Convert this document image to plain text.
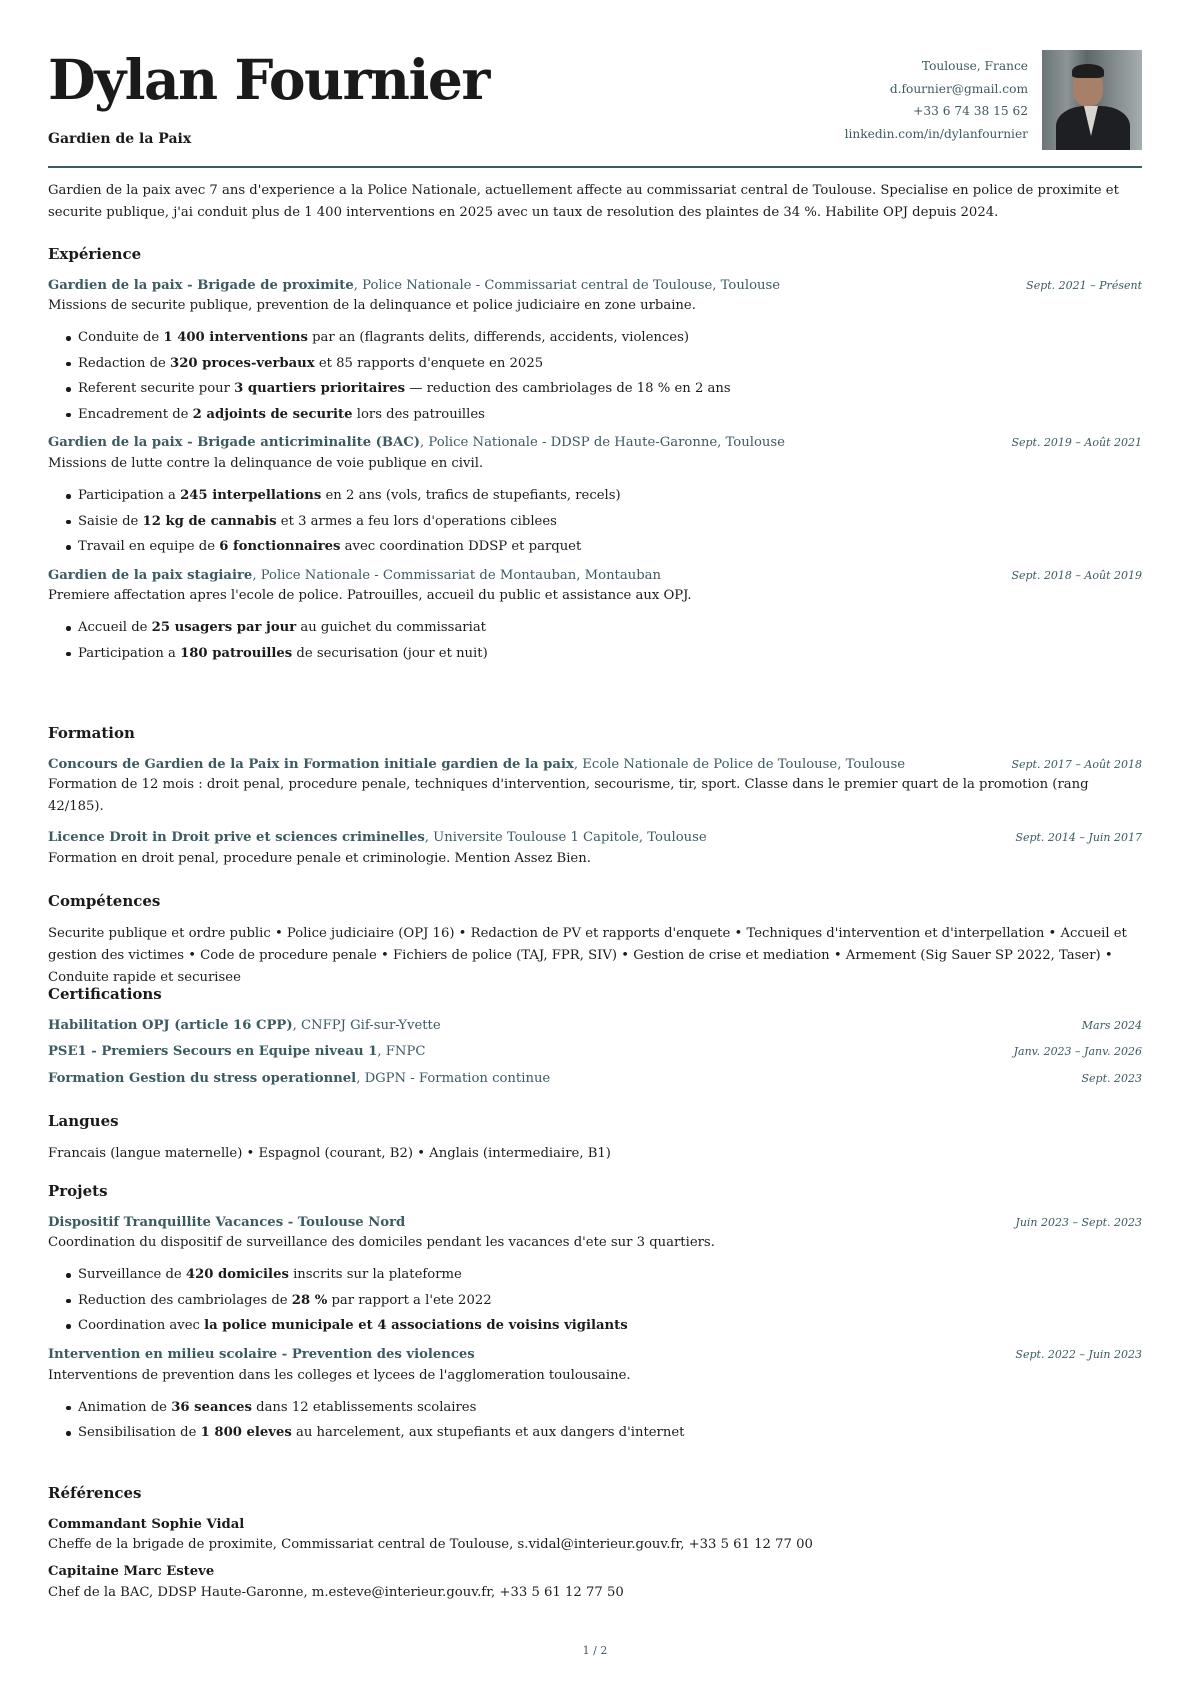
Dylan Fournier
Gardien de la Paix
Toulouse, France
d.fournier@gmail.com
+33 6 74 38 15 62
linkedin.com/in/dylanfournier
Gardien de la paix avec 7 ans d'experience a la Police Nationale, actuellement affecte au commissariat central de Toulouse. Specialise en police de proximite et securite publique, j'ai conduit plus de 1 400 interventions en 2025 avec un taux de resolution des plaintes de 34 %. Habilite OPJ depuis 2024.
Expérience
Gardien de la paix - Brigade de proximite, Police Nationale - Commissariat central de Toulouse, Toulouse	Sept. 2021 – Présent
Missions de securite publique, prevention de la delinquance et police judiciaire en zone urbaine.
Conduite de 1 400 interventions par an (flagrants delits, differends, accidents, violences)
Redaction de 320 proces-verbaux et 85 rapports d'enquete en 2025
Referent securite pour 3 quartiers prioritaires — reduction des cambriolages de 18 % en 2 ans
Encadrement de 2 adjoints de securite lors des patrouilles
Gardien de la paix - Brigade anticriminalite (BAC), Police Nationale - DDSP de Haute-Garonne, Toulouse	Sept. 2019 – Août 2021
Missions de lutte contre la delinquance de voie publique en civil.
Participation a 245 interpellations en 2 ans (vols, trafics de stupefiants, recels)
Saisie de 12 kg de cannabis et 3 armes a feu lors d'operations ciblees
Travail en equipe de 6 fonctionnaires avec coordination DDSP et parquet
Gardien de la paix stagiaire, Police Nationale - Commissariat de Montauban, Montauban	Sept. 2018 – Août 2019
Premiere affectation apres l'ecole de police. Patrouilles, accueil du public et assistance aux OPJ.
Accueil de 25 usagers par jour au guichet du commissariat
Participation a 180 patrouilles de securisation (jour et nuit)
Formation
Concours de Gardien de la Paix in Formation initiale gardien de la paix, Ecole Nationale de Police de Toulouse, Toulouse	Sept. 2017 – Août 2018
Formation de 12 mois : droit penal, procedure penale, techniques d'intervention, secourisme, tir, sport. Classe dans le premier quart de la promotion (rang 42/185).
Licence Droit in Droit prive et sciences criminelles, Universite Toulouse 1 Capitole, Toulouse	Sept. 2014 – Juin 2017
Formation en droit penal, procedure penale et criminologie. Mention Assez Bien.
Compétences
Securite publique et ordre public • Police judiciaire (OPJ 16) • Redaction de PV et rapports d'enquete • Techniques d'intervention et d'interpellation • Accueil et gestion des victimes • Code de procedure penale • Fichiers de police (TAJ, FPR, SIV) • Gestion de crise et mediation • Armement (Sig Sauer SP 2022, Taser) • Conduite rapide et securisee
Certifications
Habilitation OPJ (article 16 CPP), CNFPJ Gif-sur-Yvette	Mars 2024
PSE1 - Premiers Secours en Equipe niveau 1, FNPC	Janv. 2023 – Janv. 2026
Formation Gestion du stress operationnel, DGPN - Formation continue	Sept. 2023
Langues
Francais (langue maternelle) • Espagnol (courant, B2) • Anglais (intermediaire, B1)
Projets
Dispositif Tranquillite Vacances - Toulouse Nord	Juin 2023 – Sept. 2023
Coordination du dispositif de surveillance des domiciles pendant les vacances d'ete sur 3 quartiers.
Surveillance de 420 domiciles inscrits sur la plateforme
Reduction des cambriolages de 28 % par rapport a l'ete 2022
Coordination avec la police municipale et 4 associations de voisins vigilants
Intervention en milieu scolaire - Prevention des violences	Sept. 2022 – Juin 2023
Interventions de prevention dans les colleges et lycees de l'agglomeration toulousaine.
Animation de 36 seances dans 12 etablissements scolaires
Sensibilisation de 1 800 eleves au harcelement, aux stupefiants et aux dangers d'internet
Références
Commandant Sophie Vidal
Cheffe de la brigade de proximite, Commissariat central de Toulouse, s.vidal@interieur.gouv.fr, +33 5 61 12 77 00
Capitaine Marc Esteve
Chef de la BAC, DDSP Haute-Garonne, m.esteve@interieur.gouv.fr, +33 5 61 12 77 50
1 / 2
